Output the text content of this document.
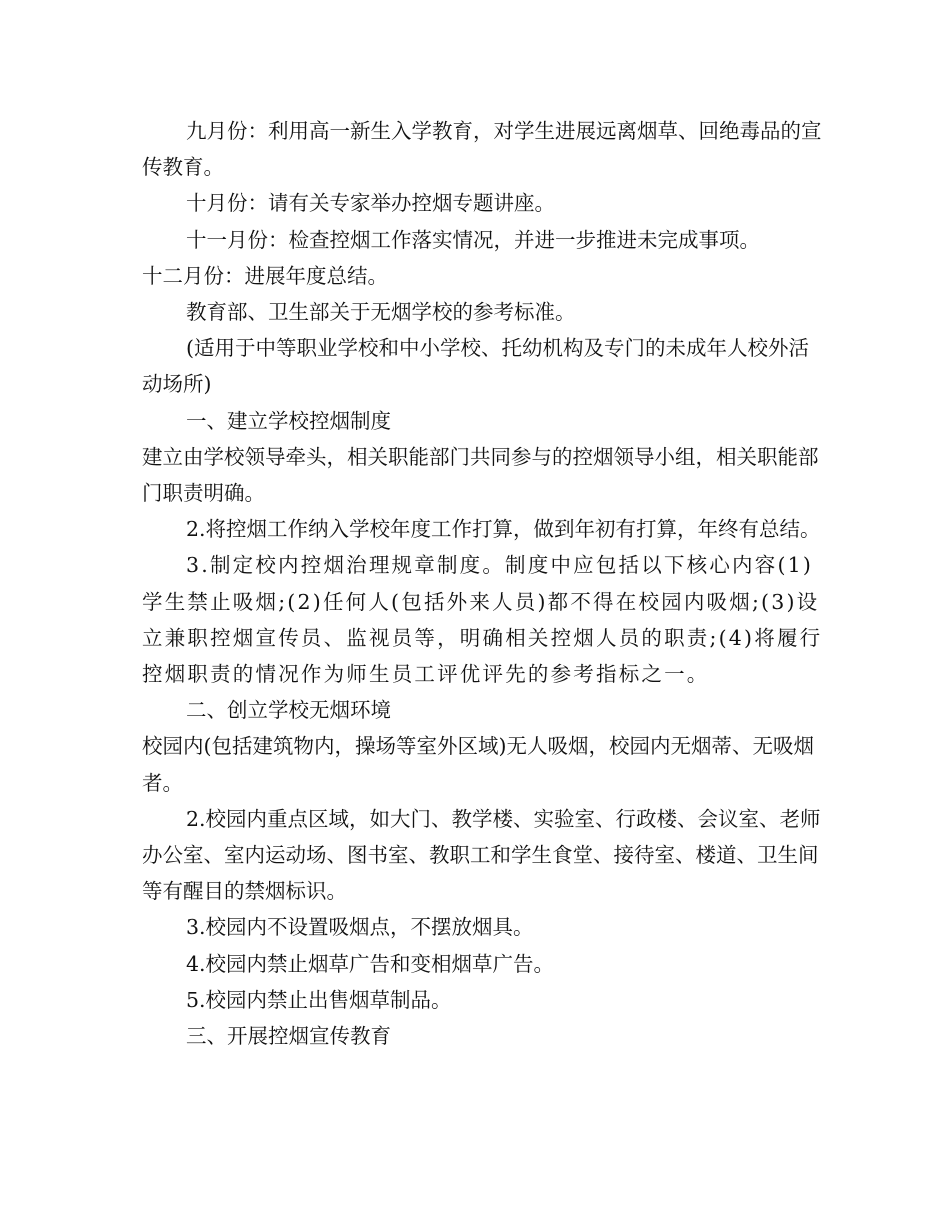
九月份：利用高一新生入学教育，对学生进展远离烟草、回绝毒品的宣传教育。

十月份：请有关专家举办控烟专题讲座。

十一月份：检查控烟工作落实情况，并进一步推进未完成事项。

十二月份：进展年度总结。

教育部、卫生部关于无烟学校的参考标准。

(适用于中等职业学校和中小学校、托幼机构及专门的未成年人校外活动场所)

一、建立学校控烟制度

建立由学校领导牵头，相关职能部门共同参与的控烟领导小组，相关职能部门职责明确。

2.将控烟工作纳入学校年度工作打算，做到年初有打算，年终有总结。

3.制定校内控烟治理规章制度。制度中应包括以下核心内容(1)学生禁止吸烟;(2)任何人(包括外来人员)都不得在校园内吸烟;(3)设立兼职控烟宣传员、监视员等，明确相关控烟人员的职责;(4)将履行控烟职责的情况作为师生员工评优评先的参考指标之一。

二、创立学校无烟环境

校园内(包括建筑物内，操场等室外区域)无人吸烟，校园内无烟蒂、无吸烟者。

2.校园内重点区域，如大门、教学楼、实验室、行政楼、会议室、老师办公室、室内运动场、图书室、教职工和学生食堂、接待室、楼道、卫生间等有醒目的禁烟标识。

3.校园内不设置吸烟点，不摆放烟具。

4.校园内禁止烟草广告和变相烟草广告。

5.校园内禁止出售烟草制品。

三、开展控烟宣传教育
